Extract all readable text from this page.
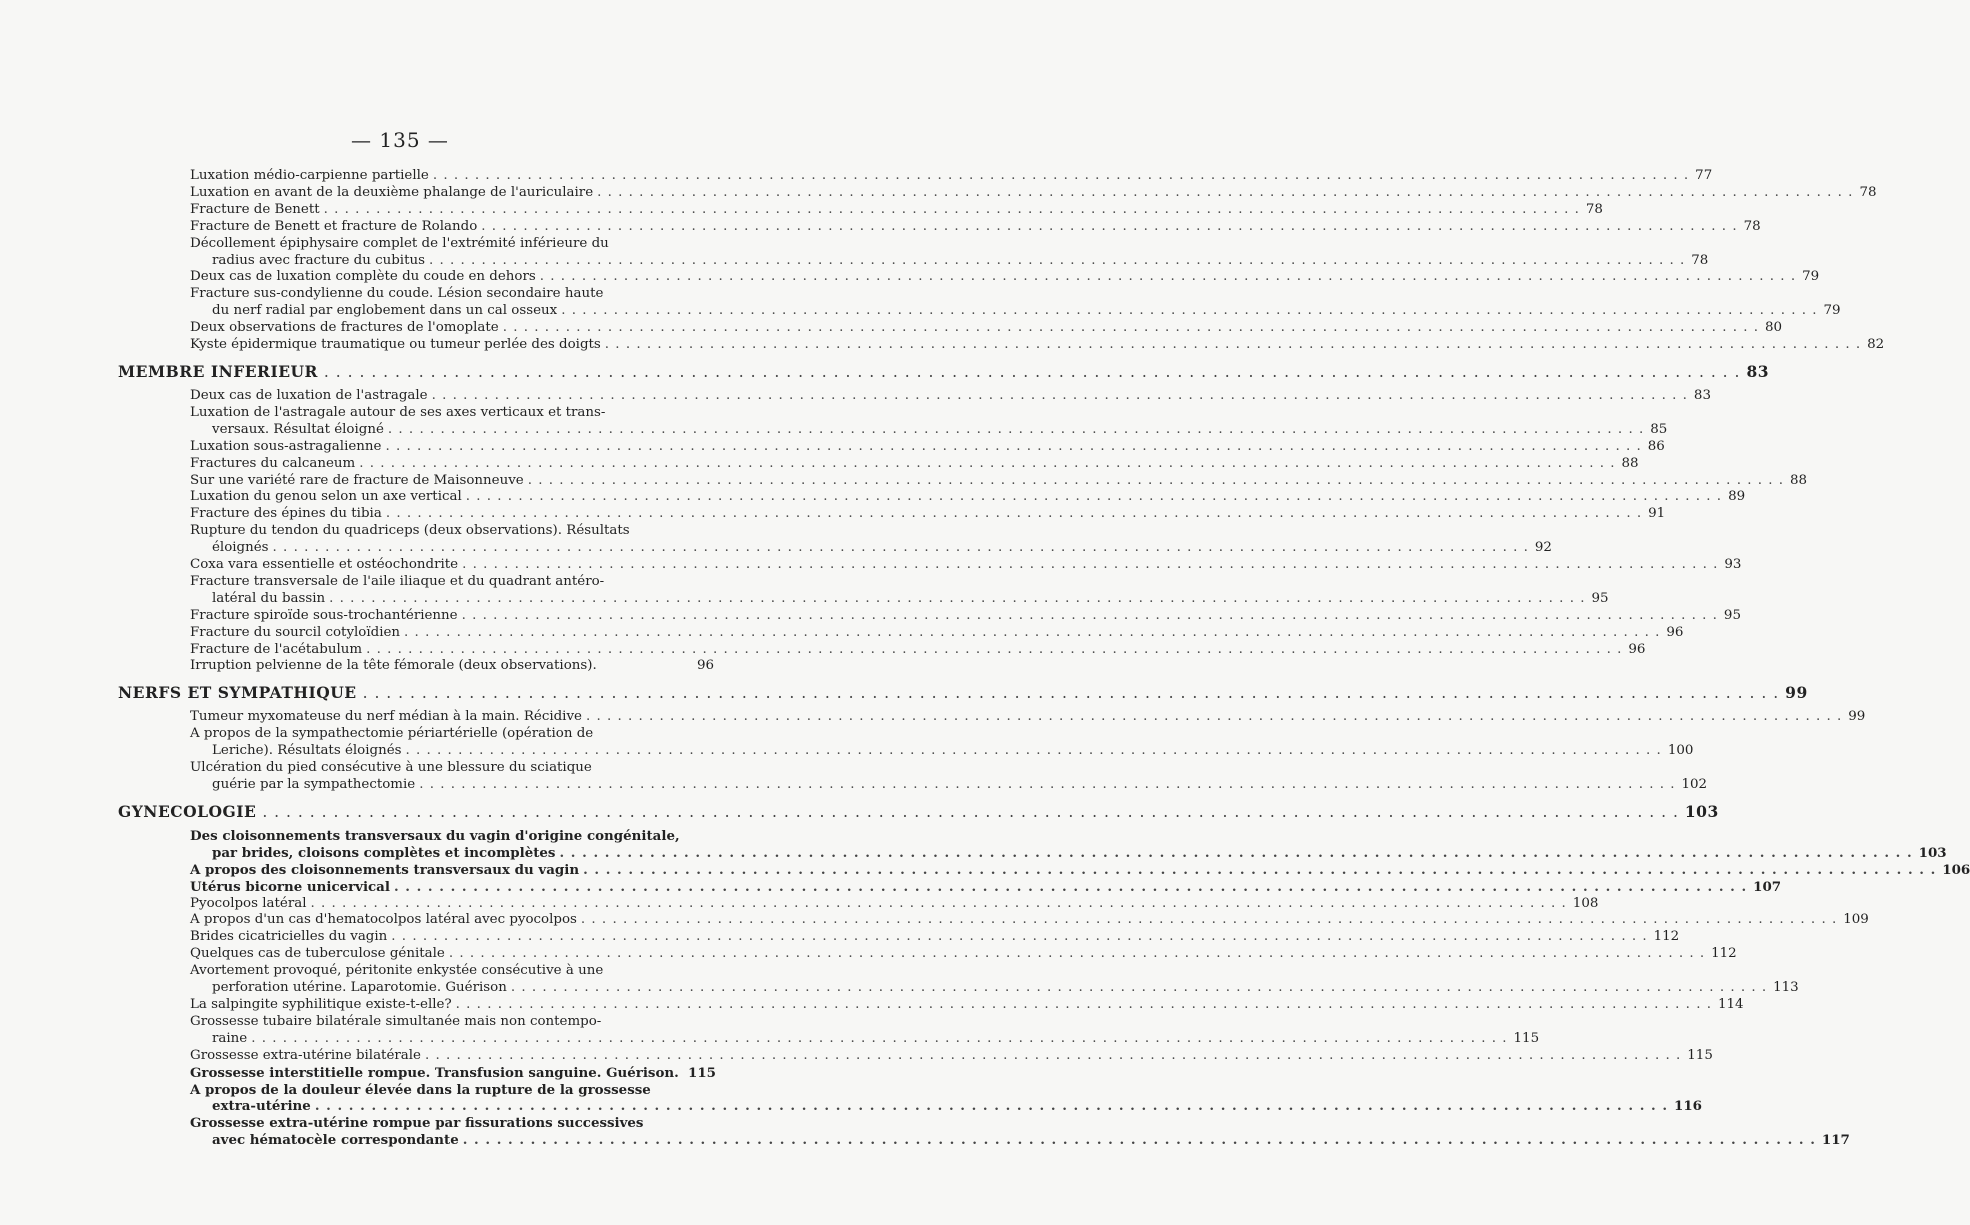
— 135 —
Luxation médio-carpienne partielle . . . . . . . . . . . . . . . . . . . . . . . . . . . . . . . . . . . . . . . . . . . . . . . . . . . . . . . . . . . . . . . . . . . . . . . . . . . . . . . . . . . . . . . . . . . . . . . . . . . . . . . . . . . . . . . . . . . . . . . . 77
Luxation en avant de la deuxième phalange de l'auriculaire . . . . . . . . . . . . . . . . . . . . . . . . . . . . . . . . . . . . . . . . . . . . . . . . . . . . . . . . . . . . . . . . . . . . . . . . . . . . . . . . . . . . . . . . . . . . . . . . . . . . . . . . . . . . . . . . . . . . . . . . 78
Fracture de Benett . . . . . . . . . . . . . . . . . . . . . . . . . . . . . . . . . . . . . . . . . . . . . . . . . . . . . . . . . . . . . . . . . . . . . . . . . . . . . . . . . . . . . . . . . . . . . . . . . . . . . . . . . . . . . . . . . . . . . . . . 78
Fracture de Benett et fracture de Rolando . . . . . . . . . . . . . . . . . . . . . . . . . . . . . . . . . . . . . . . . . . . . . . . . . . . . . . . . . . . . . . . . . . . . . . . . . . . . . . . . . . . . . . . . . . . . . . . . . . . . . . . . . . . . . . . . . . . . . . . . 78
Décollement épiphysaire complet de l'extrémité inférieure du
radius avec fracture du cubitus . . . . . . . . . . . . . . . . . . . . . . . . . . . . . . . . . . . . . . . . . . . . . . . . . . . . . . . . . . . . . . . . . . . . . . . . . . . . . . . . . . . . . . . . . . . . . . . . . . . . . . . . . . . . . . . . . . . . . . . . 78
Deux cas de luxation complète du coude en dehors . . . . . . . . . . . . . . . . . . . . . . . . . . . . . . . . . . . . . . . . . . . . . . . . . . . . . . . . . . . . . . . . . . . . . . . . . . . . . . . . . . . . . . . . . . . . . . . . . . . . . . . . . . . . . . . . . . . . . . . . 79
Fracture sus-condylienne du coude. Lésion secondaire haute
du nerf radial par englobement dans un cal osseux . . . . . . . . . . . . . . . . . . . . . . . . . . . . . . . . . . . . . . . . . . . . . . . . . . . . . . . . . . . . . . . . . . . . . . . . . . . . . . . . . . . . . . . . . . . . . . . . . . . . . . . . . . . . . . . . . . . . . . . . 79
Deux observations de fractures de l'omoplate . . . . . . . . . . . . . . . . . . . . . . . . . . . . . . . . . . . . . . . . . . . . . . . . . . . . . . . . . . . . . . . . . . . . . . . . . . . . . . . . . . . . . . . . . . . . . . . . . . . . . . . . . . . . . . . . . . . . . . . . 80
Kyste épidermique traumatique ou tumeur perlée des doigts . . . . . . . . . . . . . . . . . . . . . . . . . . . . . . . . . . . . . . . . . . . . . . . . . . . . . . . . . . . . . . . . . . . . . . . . . . . . . . . . . . . . . . . . . . . . . . . . . . . . . . . . . . . . . . . . . . . . . . . . 82
MEMBRE INFERIEUR . . . . . . . . . . . . . . . . . . . . . . . . . . . . . . . . . . . . . . . . . . . . . . . . . . . . . . . . . . . . . . . . . . . . . . . . . . . . . . . . . . . . . . . . . . . . . . . . . . . . . . . . . . . . . . . . . . . . . . . . 83
Deux cas de luxation de l'astragale . . . . . . . . . . . . . . . . . . . . . . . . . . . . . . . . . . . . . . . . . . . . . . . . . . . . . . . . . . . . . . . . . . . . . . . . . . . . . . . . . . . . . . . . . . . . . . . . . . . . . . . . . . . . . . . . . . . . . . . . 83
Luxation de l'astragale autour de ses axes verticaux et trans-
versaux. Résultat éloigné . . . . . . . . . . . . . . . . . . . . . . . . . . . . . . . . . . . . . . . . . . . . . . . . . . . . . . . . . . . . . . . . . . . . . . . . . . . . . . . . . . . . . . . . . . . . . . . . . . . . . . . . . . . . . . . . . . . . . . . . 85
Luxation sous-astragalienne . . . . . . . . . . . . . . . . . . . . . . . . . . . . . . . . . . . . . . . . . . . . . . . . . . . . . . . . . . . . . . . . . . . . . . . . . . . . . . . . . . . . . . . . . . . . . . . . . . . . . . . . . . . . . . . . . . . . . . . . 86
Fractures du calcaneum . . . . . . . . . . . . . . . . . . . . . . . . . . . . . . . . . . . . . . . . . . . . . . . . . . . . . . . . . . . . . . . . . . . . . . . . . . . . . . . . . . . . . . . . . . . . . . . . . . . . . . . . . . . . . . . . . . . . . . . . 88
Sur une variété rare de fracture de Maisonneuve . . . . . . . . . . . . . . . . . . . . . . . . . . . . . . . . . . . . . . . . . . . . . . . . . . . . . . . . . . . . . . . . . . . . . . . . . . . . . . . . . . . . . . . . . . . . . . . . . . . . . . . . . . . . . . . . . . . . . . . . 88
Luxation du genou selon un axe vertical . . . . . . . . . . . . . . . . . . . . . . . . . . . . . . . . . . . . . . . . . . . . . . . . . . . . . . . . . . . . . . . . . . . . . . . . . . . . . . . . . . . . . . . . . . . . . . . . . . . . . . . . . . . . . . . . . . . . . . . . 89
Fracture des épines du tibia . . . . . . . . . . . . . . . . . . . . . . . . . . . . . . . . . . . . . . . . . . . . . . . . . . . . . . . . . . . . . . . . . . . . . . . . . . . . . . . . . . . . . . . . . . . . . . . . . . . . . . . . . . . . . . . . . . . . . . . . 91
Rupture du tendon du quadriceps (deux observations). Résultats
éloignés . . . . . . . . . . . . . . . . . . . . . . . . . . . . . . . . . . . . . . . . . . . . . . . . . . . . . . . . . . . . . . . . . . . . . . . . . . . . . . . . . . . . . . . . . . . . . . . . . . . . . . . . . . . . . . . . . . . . . . . . 92
Coxa vara essentielle et ostéochondrite . . . . . . . . . . . . . . . . . . . . . . . . . . . . . . . . . . . . . . . . . . . . . . . . . . . . . . . . . . . . . . . . . . . . . . . . . . . . . . . . . . . . . . . . . . . . . . . . . . . . . . . . . . . . . . . . . . . . . . . . 93
Fracture transversale de l'aile iliaque et du quadrant antéro-
latéral du bassin . . . . . . . . . . . . . . . . . . . . . . . . . . . . . . . . . . . . . . . . . . . . . . . . . . . . . . . . . . . . . . . . . . . . . . . . . . . . . . . . . . . . . . . . . . . . . . . . . . . . . . . . . . . . . . . . . . . . . . . . 95
Fracture spiroïde sous-trochantérienne . . . . . . . . . . . . . . . . . . . . . . . . . . . . . . . . . . . . . . . . . . . . . . . . . . . . . . . . . . . . . . . . . . . . . . . . . . . . . . . . . . . . . . . . . . . . . . . . . . . . . . . . . . . . . . . . . . . . . . . . 95
Fracture du sourcil cotyloïdien . . . . . . . . . . . . . . . . . . . . . . . . . . . . . . . . . . . . . . . . . . . . . . . . . . . . . . . . . . . . . . . . . . . . . . . . . . . . . . . . . . . . . . . . . . . . . . . . . . . . . . . . . . . . . . . . . . . . . . . . 96
Fracture de l'acétabulum . . . . . . . . . . . . . . . . . . . . . . . . . . . . . . . . . . . . . . . . . . . . . . . . . . . . . . . . . . . . . . . . . . . . . . . . . . . . . . . . . . . . . . . . . . . . . . . . . . . . . . . . . . . . . . . . . . . . . . . . 96
Irruption pelvienne de la tête fémorale (deux observations).	96
NERFS ET SYMPATHIQUE . . . . . . . . . . . . . . . . . . . . . . . . . . . . . . . . . . . . . . . . . . . . . . . . . . . . . . . . . . . . . . . . . . . . . . . . . . . . . . . . . . . . . . . . . . . . . . . . . . . . . . . . . . . . . . . . . . . . . . . . 99
Tumeur myxomateuse du nerf médian à la main. Récidive . . . . . . . . . . . . . . . . . . . . . . . . . . . . . . . . . . . . . . . . . . . . . . . . . . . . . . . . . . . . . . . . . . . . . . . . . . . . . . . . . . . . . . . . . . . . . . . . . . . . . . . . . . . . . . . . . . . . . . . . 99
A propos de la sympathectomie périartérielle (opération de
Leriche). Résultats éloignés . . . . . . . . . . . . . . . . . . . . . . . . . . . . . . . . . . . . . . . . . . . . . . . . . . . . . . . . . . . . . . . . . . . . . . . . . . . . . . . . . . . . . . . . . . . . . . . . . . . . . . . . . . . . . . . . . . . . . . . . 100
Ulcération du pied consécutive à une blessure du sciatique
guérie par la sympathectomie . . . . . . . . . . . . . . . . . . . . . . . . . . . . . . . . . . . . . . . . . . . . . . . . . . . . . . . . . . . . . . . . . . . . . . . . . . . . . . . . . . . . . . . . . . . . . . . . . . . . . . . . . . . . . . . . . . . . . . . . 102
GYNECOLOGIE . . . . . . . . . . . . . . . . . . . . . . . . . . . . . . . . . . . . . . . . . . . . . . . . . . . . . . . . . . . . . . . . . . . . . . . . . . . . . . . . . . . . . . . . . . . . . . . . . . . . . . . . . . . . . . . . . . . . . . . . 103
Des cloisonnements transversaux du vagin d'origine congénitale,
par brides, cloisons complètes et incomplètes . . . . . . . . . . . . . . . . . . . . . . . . . . . . . . . . . . . . . . . . . . . . . . . . . . . . . . . . . . . . . . . . . . . . . . . . . . . . . . . . . . . . . . . . . . . . . . . . . . . . . . . . . . . . . . . . . . . . . . . . 103
A propos des cloisonnements transversaux du vagin . . . . . . . . . . . . . . . . . . . . . . . . . . . . . . . . . . . . . . . . . . . . . . . . . . . . . . . . . . . . . . . . . . . . . . . . . . . . . . . . . . . . . . . . . . . . . . . . . . . . . . . . . . . . . . . . . . . . . . . . 106
Utérus bicorne unicervical . . . . . . . . . . . . . . . . . . . . . . . . . . . . . . . . . . . . . . . . . . . . . . . . . . . . . . . . . . . . . . . . . . . . . . . . . . . . . . . . . . . . . . . . . . . . . . . . . . . . . . . . . . . . . . . . . . . . . . . . 107
Pyocolpos latéral . . . . . . . . . . . . . . . . . . . . . . . . . . . . . . . . . . . . . . . . . . . . . . . . . . . . . . . . . . . . . . . . . . . . . . . . . . . . . . . . . . . . . . . . . . . . . . . . . . . . . . . . . . . . . . . . . . . . . . . . 108
A propos d'un cas d'hematocolpos latéral avec pyocolpos . . . . . . . . . . . . . . . . . . . . . . . . . . . . . . . . . . . . . . . . . . . . . . . . . . . . . . . . . . . . . . . . . . . . . . . . . . . . . . . . . . . . . . . . . . . . . . . . . . . . . . . . . . . . . . . . . . . . . . . . 109
Brides cicatricielles du vagin . . . . . . . . . . . . . . . . . . . . . . . . . . . . . . . . . . . . . . . . . . . . . . . . . . . . . . . . . . . . . . . . . . . . . . . . . . . . . . . . . . . . . . . . . . . . . . . . . . . . . . . . . . . . . . . . . . . . . . . . 112
Quelques cas de tuberculose génitale . . . . . . . . . . . . . . . . . . . . . . . . . . . . . . . . . . . . . . . . . . . . . . . . . . . . . . . . . . . . . . . . . . . . . . . . . . . . . . . . . . . . . . . . . . . . . . . . . . . . . . . . . . . . . . . . . . . . . . . . 112
Avortement provoqué, péritonite enkystée consécutive à une
perforation utérine. Laparotomie. Guérison . . . . . . . . . . . . . . . . . . . . . . . . . . . . . . . . . . . . . . . . . . . . . . . . . . . . . . . . . . . . . . . . . . . . . . . . . . . . . . . . . . . . . . . . . . . . . . . . . . . . . . . . . . . . . . . . . . . . . . . . 113
La salpingite syphilitique existe-t-elle? . . . . . . . . . . . . . . . . . . . . . . . . . . . . . . . . . . . . . . . . . . . . . . . . . . . . . . . . . . . . . . . . . . . . . . . . . . . . . . . . . . . . . . . . . . . . . . . . . . . . . . . . . . . . . . . . . . . . . . . . 114
Grossesse tubaire bilatérale simultanée mais non contempo-
raine . . . . . . . . . . . . . . . . . . . . . . . . . . . . . . . . . . . . . . . . . . . . . . . . . . . . . . . . . . . . . . . . . . . . . . . . . . . . . . . . . . . . . . . . . . . . . . . . . . . . . . . . . . . . . . . . . . . . . . . . 115
Grossesse extra-utérine bilatérale . . . . . . . . . . . . . . . . . . . . . . . . . . . . . . . . . . . . . . . . . . . . . . . . . . . . . . . . . . . . . . . . . . . . . . . . . . . . . . . . . . . . . . . . . . . . . . . . . . . . . . . . . . . . . . . . . . . . . . . . 115
Grossesse interstitielle rompue. Transfusion sanguine. Guérison. 115
A propos de la douleur élevée dans la rupture de la grossesse
extra-utérine . . . . . . . . . . . . . . . . . . . . . . . . . . . . . . . . . . . . . . . . . . . . . . . . . . . . . . . . . . . . . . . . . . . . . . . . . . . . . . . . . . . . . . . . . . . . . . . . . . . . . . . . . . . . . . . . . . . . . . . . 116
Grossesse extra-utérine rompue par fissurations successives
avec hématocèle correspondante . . . . . . . . . . . . . . . . . . . . . . . . . . . . . . . . . . . . . . . . . . . . . . . . . . . . . . . . . . . . . . . . . . . . . . . . . . . . . . . . . . . . . . . . . . . . . . . . . . . . . . . . . . . . . . . . . . . . . . . . 117
